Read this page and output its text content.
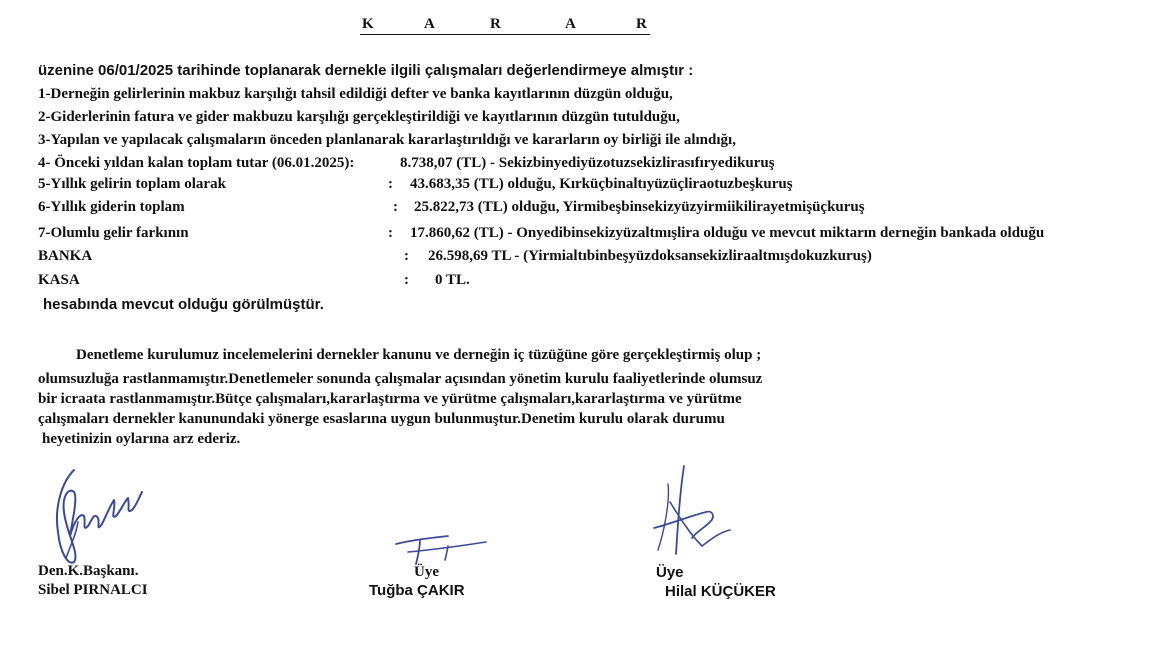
K	A	R	A	R
üzenine 06/01/2025 tarihinde toplanarak dernekle ilgili çalışmaları değerlendirmeye almıştır :
1-Derneğin gelirlerinin makbuz karşılığı tahsil edildiği defter ve banka kayıtlarının düzgün olduğu,
2-Giderlerinin fatura ve gider makbuzu karşılığı gerçekleştirildiği ve kayıtlarının düzgün tutulduğu,
3-Yapılan ve yapılacak çalışmaların önceden planlanarak kararlaştırıldığı ve kararların oy birliği ile alındığı,
4- Önceki yıldan kalan toplam tutar (06.01.2025):	8.738,07 (TL) - Sekizbinyediyüzotuzsekizlirasıfıryedikuruş
5-Yıllık gelirin toplam olarak	: 43.683,35 (TL) olduğu, Kırküçbinaltıyüzüçliraotuzbeşkuruş
6-Yıllık giderin toplam	: 25.822,73 (TL) olduğu, Yirmibeşbinsekizyüzyirmiikilirayetmişüçkuruş
7-Olumlu gelir farkının	: 17.860,62 (TL) - Onyedibinsekizyüzaltmışlira olduğu ve mevcut miktarın derneğin bankada olduğu
BANKA	: 26.598,69 TL - (Yirmialtıbinbeşyüzdoksansekizliraaltmışdokuzkuruş)
KASA	: 0 TL.
hesabında mevcut olduğu görülmüştür.
Denetleme kurulumuz incelemelerini dernekler kanunu ve derneğin iç tüzüğüne göre gerçekleştirmiş olup ;
olumsuzluğa rastlanmamıştır.Denetlemeler sonunda çalışmalar açısından yönetim kurulu faaliyetlerinde olumsuz
bir icraata rastlanmamıştır.Bütçe çalışmaları,kararlaştırma ve yürütme çalışmaları,kararlaştırma ve yürütme
çalışmaları dernekler kanunundaki yönerge esaslarına uygun bulunmuştur.Denetim kurulu olarak durumu
heyetinizin oylarına arz ederiz.
Den.K.Başkanı.
Sibel PIRNALCI
Üye
Tuğba ÇAKIR
Üye
Hilal KÜÇÜKER
